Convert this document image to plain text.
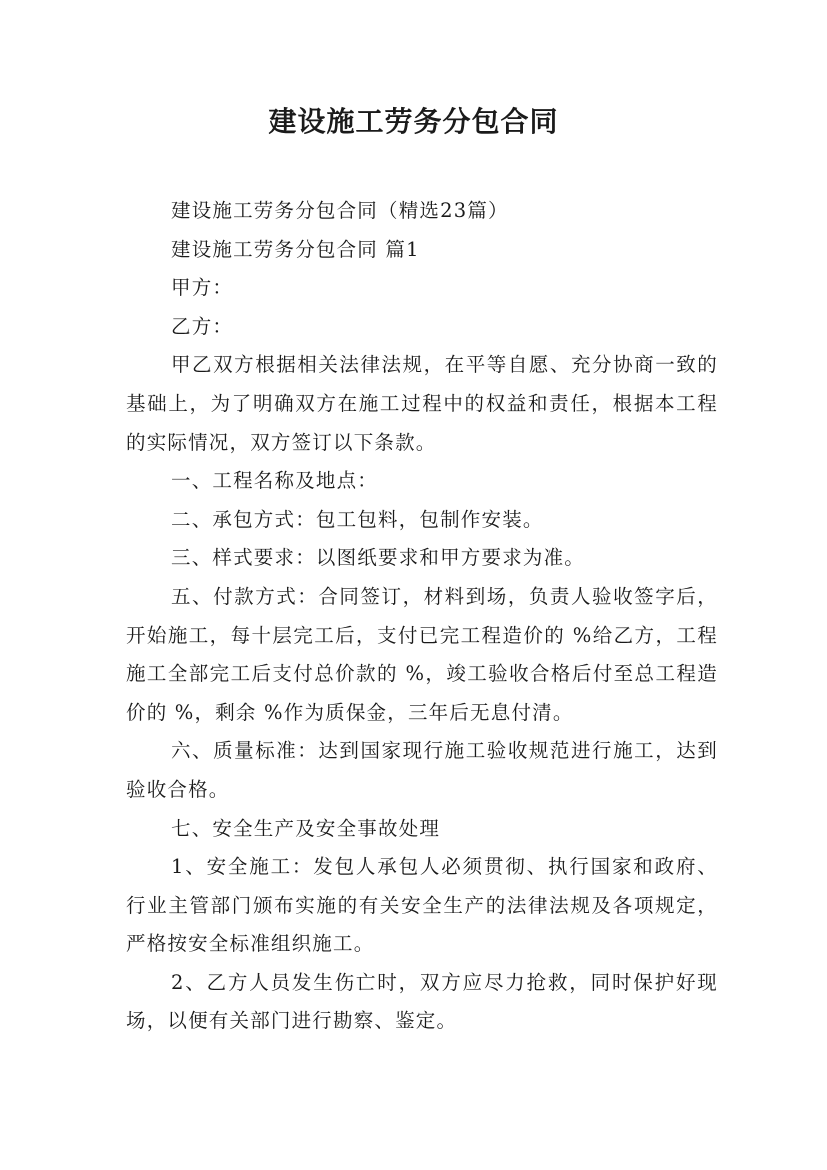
建设施工劳务分包合同

建设施工劳务分包合同（精选23篇）

建设施工劳务分包合同 篇1

甲方：

乙方：

甲乙双方根据相关法律法规，在平等自愿、充分协商一致的基础上，为了明确双方在施工过程中的权益和责任，根据本工程的实际情况，双方签订以下条款。

一、工程名称及地点：

二、承包方式：包工包料，包制作安装。

三、样式要求：以图纸要求和甲方要求为准。

五、付款方式：合同签订，材料到场，负责人验收签字后，开始施工，每十层完工后，支付已完工程造价的 %给乙方，工程施工全部完工后支付总价款的 %，竣工验收合格后付至总工程造价的 %，剩余 %作为质保金，三年后无息付清。

六、质量标准：达到国家现行施工验收规范进行施工，达到验收合格。

七、安全生产及安全事故处理

1、安全施工：发包人承包人必须贯彻、执行国家和政府、行业主管部门颁布实施的有关安全生产的法律法规及各项规定，严格按安全标准组织施工。

2、乙方人员发生伤亡时，双方应尽力抢救，同时保护好现场，以便有关部门进行勘察、鉴定。
